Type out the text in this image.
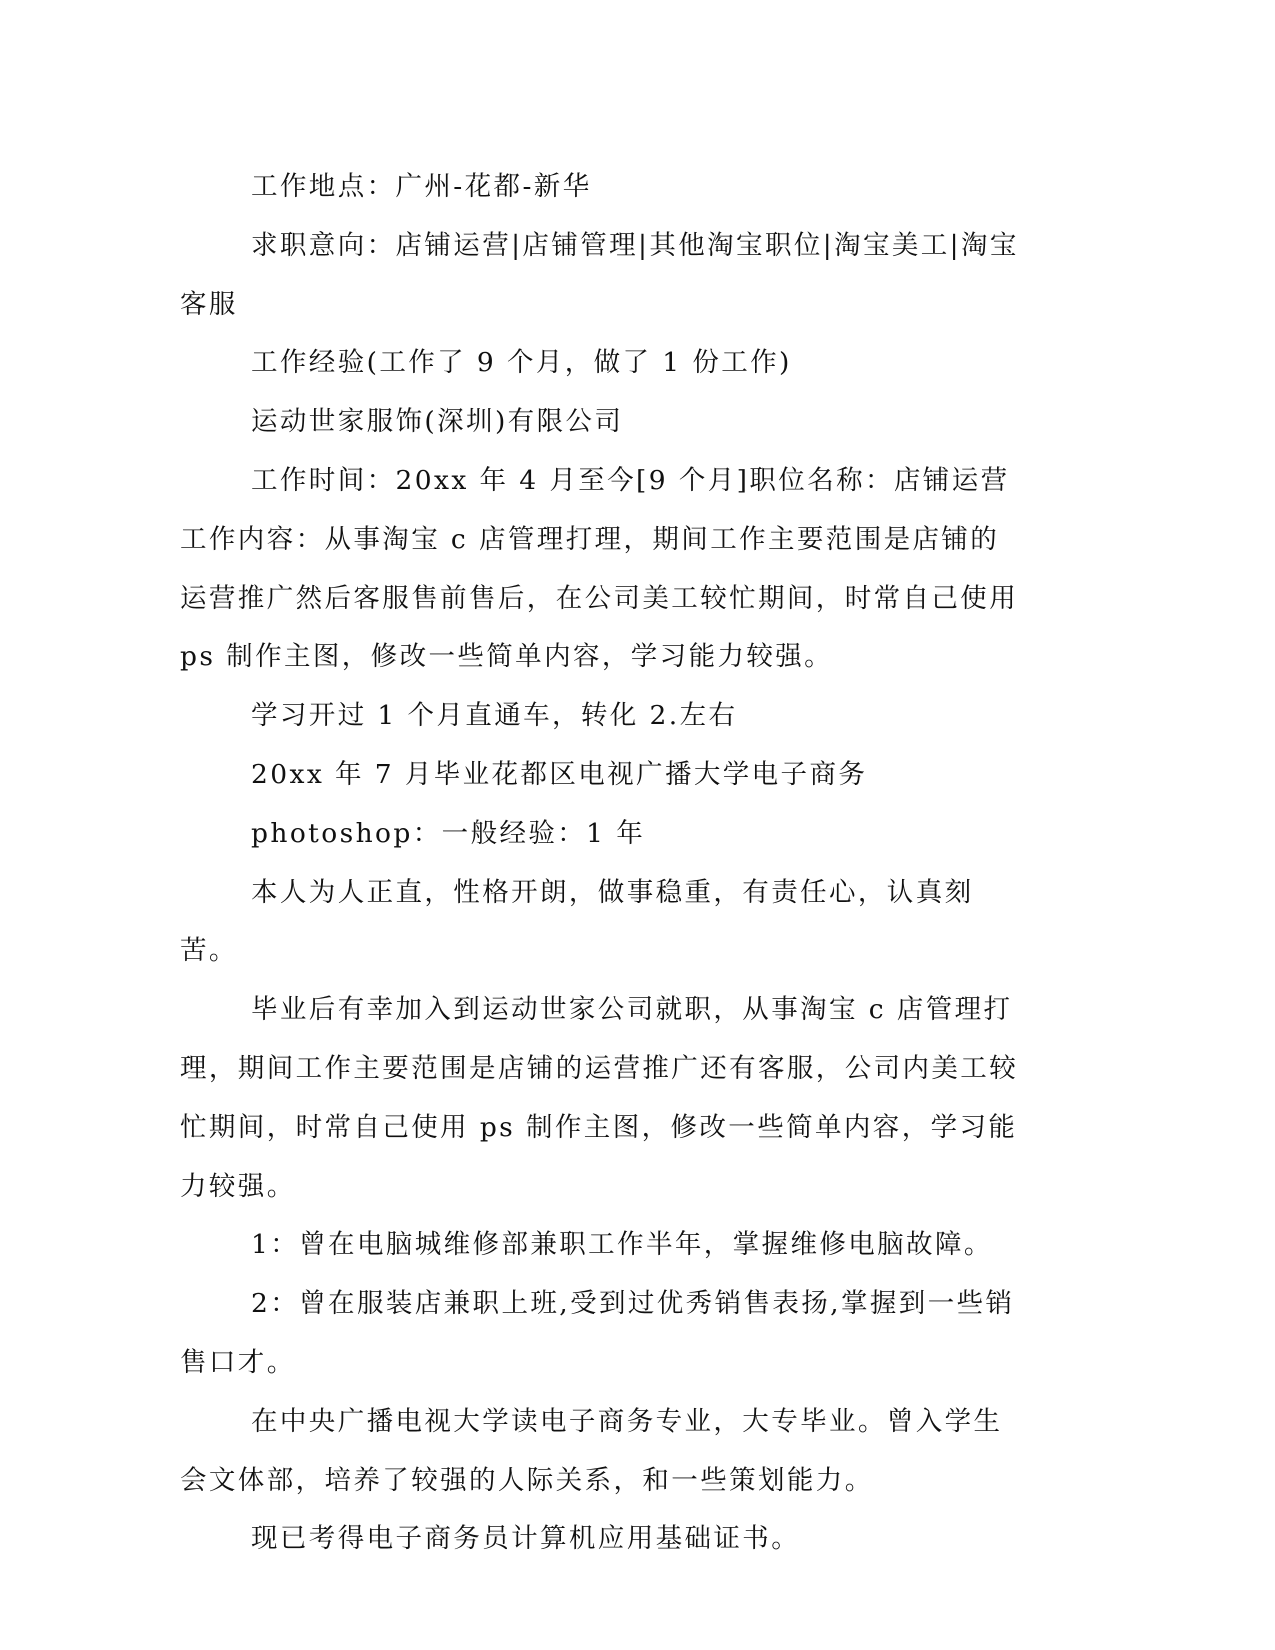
工作地点：广州-花都-新华

求职意向：店铺运营|店铺管理|其他淘宝职位|淘宝美工|淘宝客服

工作经验(工作了 9 个月，做了 1 份工作)

运动世家服饰(深圳)有限公司

工作时间：20xx 年 4 月至今[9 个月]职位名称：店铺运营工作内容：从事淘宝 c 店管理打理，期间工作主要范围是店铺的运营推广然后客服售前售后，在公司美工较忙期间，时常自己使用 ps 制作主图，修改一些简单内容，学习能力较强。

学习开过 1 个月直通车，转化 2.左右

20xx 年 7 月毕业花都区电视广播大学电子商务

photoshop：一般经验：1 年

本人为人正直，性格开朗，做事稳重，有责任心，认真刻苦。

毕业后有幸加入到运动世家公司就职，从事淘宝 c 店管理打理，期间工作主要范围是店铺的运营推广还有客服，公司内美工较忙期间，时常自己使用 ps 制作主图，修改一些简单内容，学习能力较强。

1：曾在电脑城维修部兼职工作半年，掌握维修电脑故障。

2：曾在服装店兼职上班,受到过优秀销售表扬,掌握到一些销售口才。

在中央广播电视大学读电子商务专业，大专毕业。曾入学生会文体部，培养了较强的人际关系，和一些策划能力。

现已考得电子商务员计算机应用基础证书。
